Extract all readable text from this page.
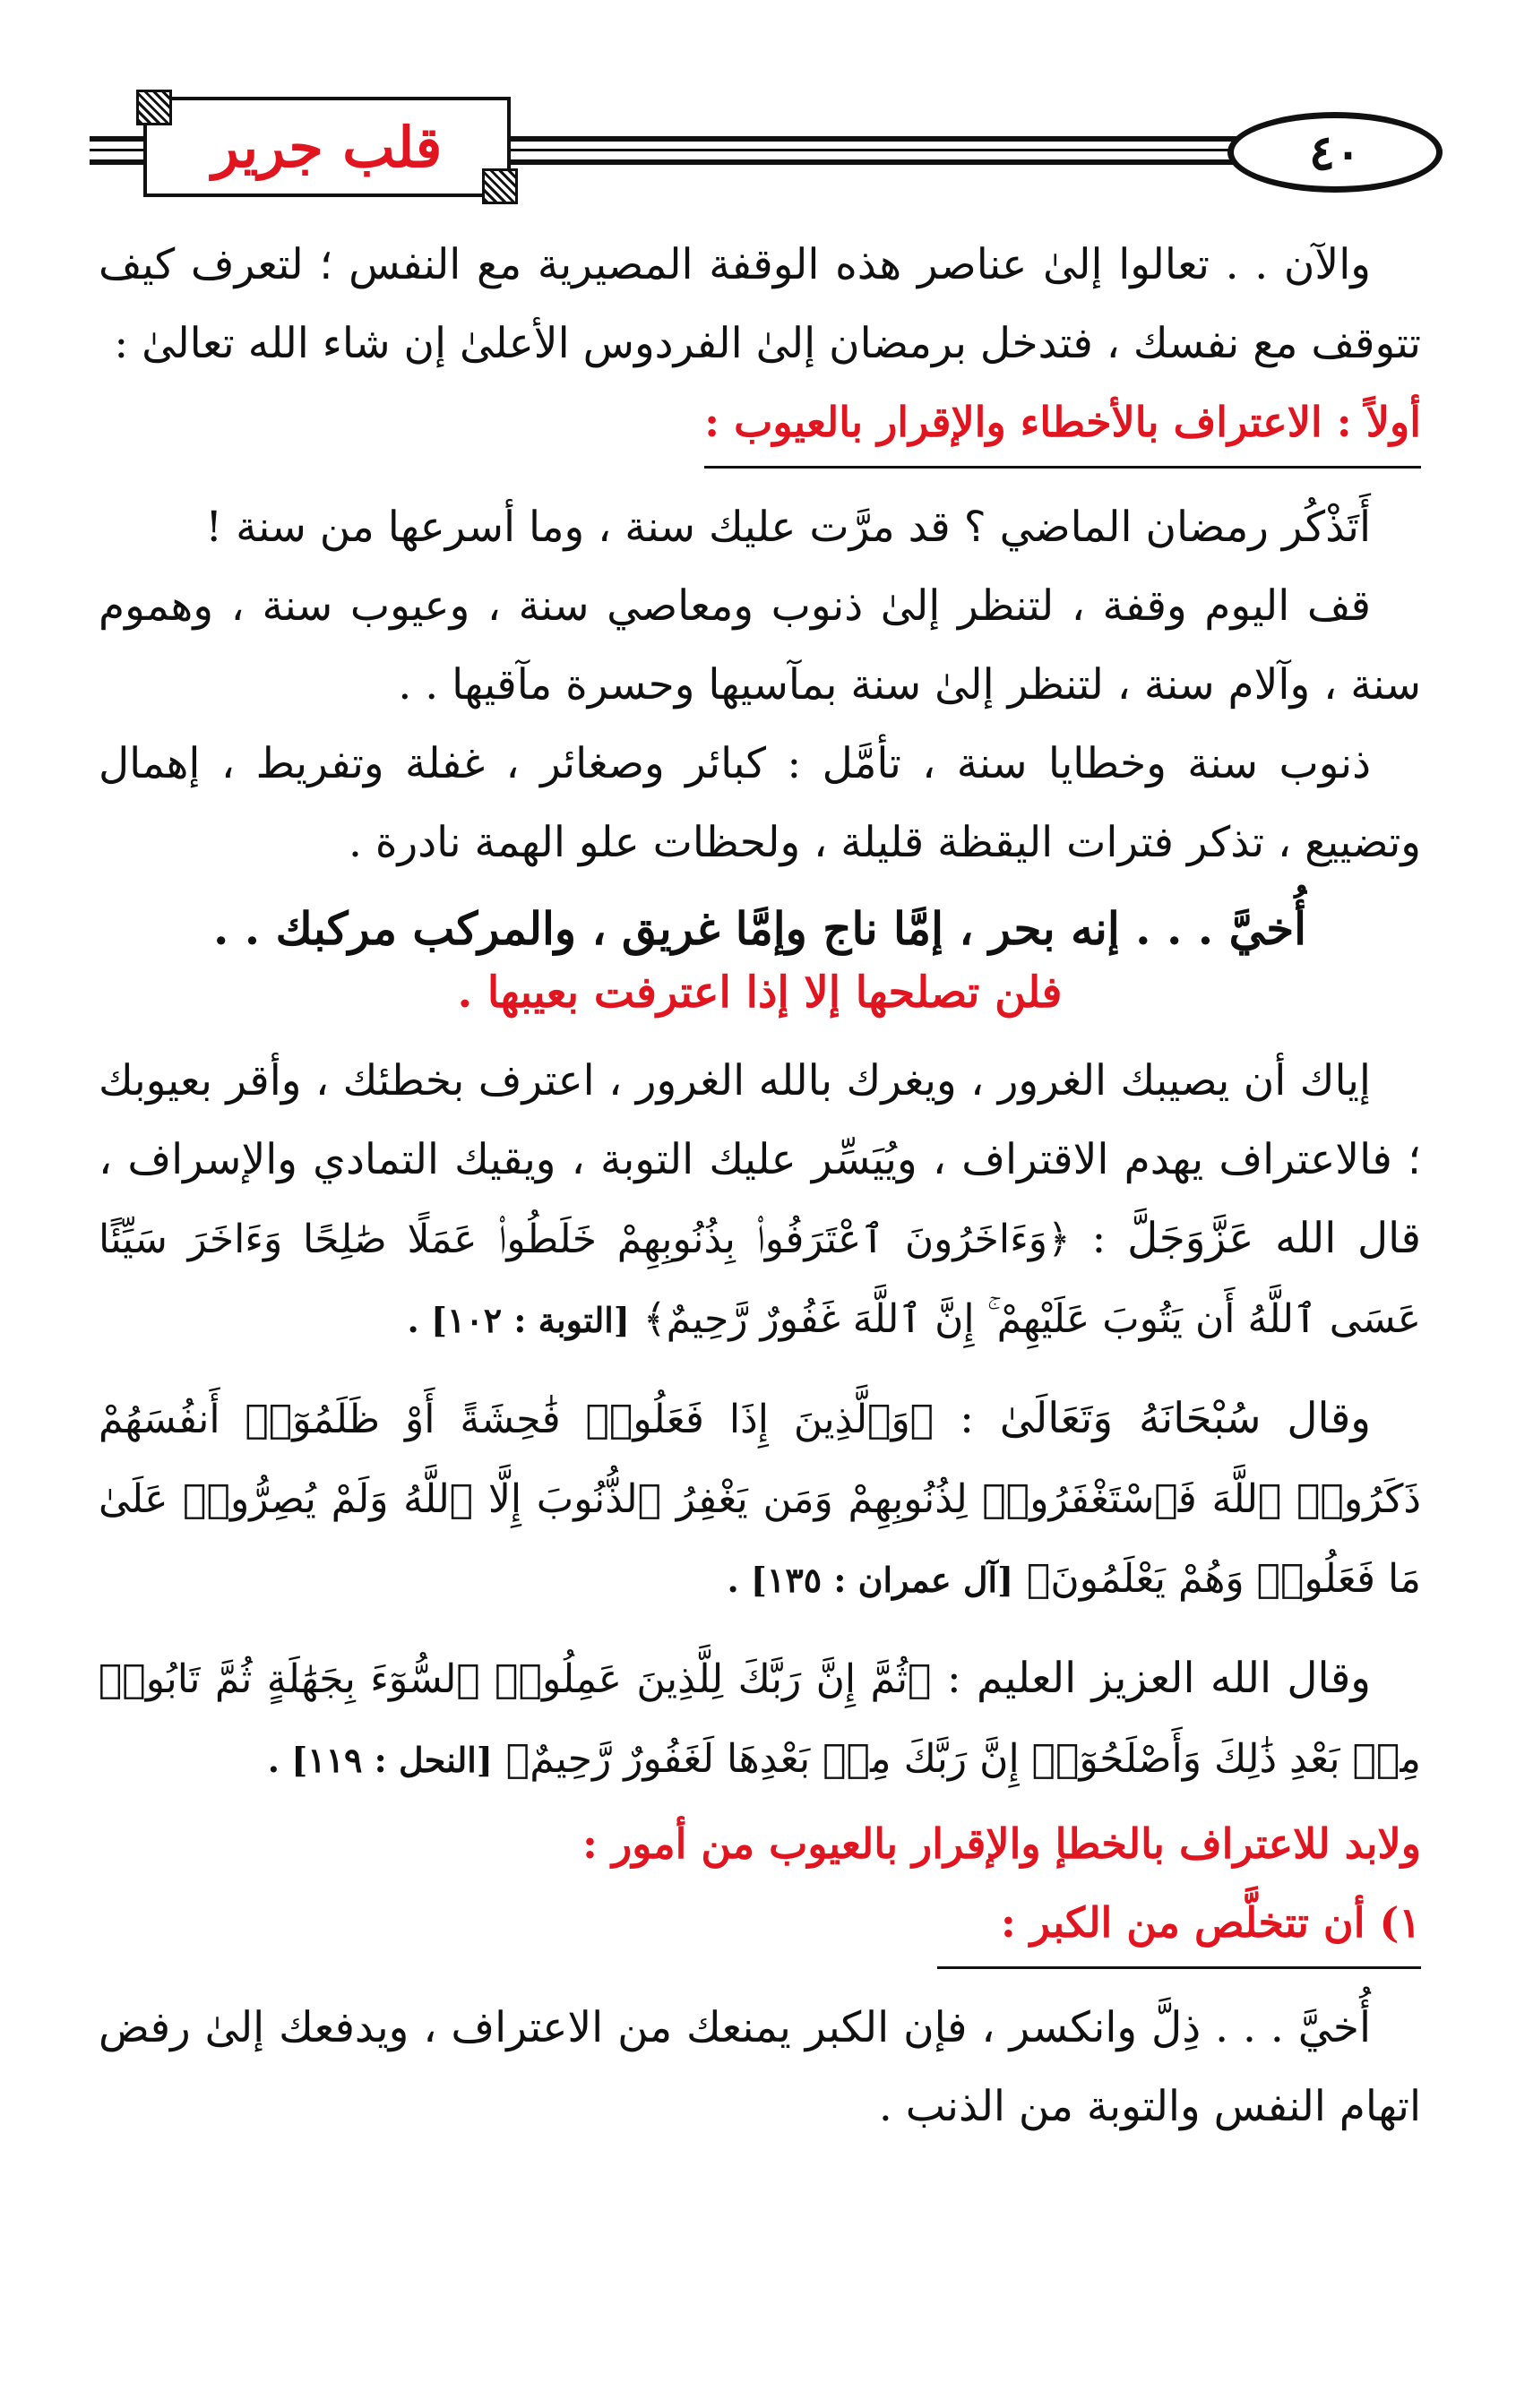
٤٠
قلب جرير

والآن . . تعالوا إلىٰ عناصر هذه الوقفة المصيرية مع النفس ؛ لتعرف كيف تتوقف مع نفسك ، فتدخل برمضان إلىٰ الفردوس الأعلىٰ إن شاء الله تعالىٰ :

أولاً : الاعتراف بالأخطاء والإقرار بالعيوب :

أَتَذْكُر رمضان الماضي ؟ قد مرَّت عليك سنة ، وما أسرعها من سنة !

قف اليوم وقفة ، لتنظر إلىٰ ذنوب ومعاصي سنة ، وعيوب سنة ، وهموم سنة ، وآلام سنة ، لتنظر إلىٰ سنة بمآسيها وحسرة مآقيها . .

ذنوب سنة وخطايا سنة ، تأمَّل : كبائر وصغائر ، غفلة وتفريط ، إهمال وتضييع ، تذكر فترات اليقظة قليلة ، ولحظات علو الهمة نادرة .

أُخيَّ . . . إنه بحر ، إمَّا ناج وإمَّا غريق ، والمركب مركبك . .
فلن تصلحها إلا إذا اعترفت بعيبها .

إياك أن يصيبك الغرور ، ويغرك بالله الغرور ، اعترف بخطئك ، وأقر بعيوبك ؛ فالاعتراف يهدم الاقتراف ، ويُيَسِّر عليك التوبة ، ويقيك التمادي والإسراف ، قال الله عَزَّوَجَلَّ : ﴿وَءَاخَرُونَ ٱعْتَرَفُوا۟ بِذُنُوبِهِمْ خَلَطُوا۟ عَمَلًا صَٰلِحًا وَءَاخَرَ سَيِّئًا عَسَى ٱللَّهُ أَن يَتُوبَ عَلَيْهِمْ ۚ إِنَّ ٱللَّهَ غَفُورٌ رَّحِيمٌ﴾ [التوبة : ١٠٢] .

وقال سُبْحَانَهُ وَتَعَالَىٰ : ﴿وَٱلَّذِينَ إِذَا فَعَلُوا۟ فَٰحِشَةً أَوْ ظَلَمُوٓا۟ أَنفُسَهُمْ ذَكَرُوا۟ ٱللَّهَ فَٱسْتَغْفَرُوا۟ لِذُنُوبِهِمْ وَمَن يَغْفِرُ ٱلذُّنُوبَ إِلَّا ٱللَّهُ وَلَمْ يُصِرُّوا۟ عَلَىٰ مَا فَعَلُوا۟ وَهُمْ يَعْلَمُونَ﴾ [آل عمران : ١٣٥] .

وقال الله العزيز العليم : ﴿ثُمَّ إِنَّ رَبَّكَ لِلَّذِينَ عَمِلُوا۟ ٱلسُّوٓءَ بِجَهَٰلَةٍ ثُمَّ تَابُوا۟ مِنۢ بَعْدِ ذَٰلِكَ وَأَصْلَحُوٓا۟ إِنَّ رَبَّكَ مِنۢ بَعْدِهَا لَغَفُورٌ رَّحِيمٌ﴾ [النحل : ١١٩] .

ولابد للاعتراف بالخطإ والإقرار بالعيوب من أمور :

١) أن تتخلَّص من الكبر :

أُخيَّ . . . ذِلَّ وانكسر ، فإن الكبر يمنعك من الاعتراف ، ويدفعك إلىٰ رفض اتهام النفس والتوبة من الذنب .
